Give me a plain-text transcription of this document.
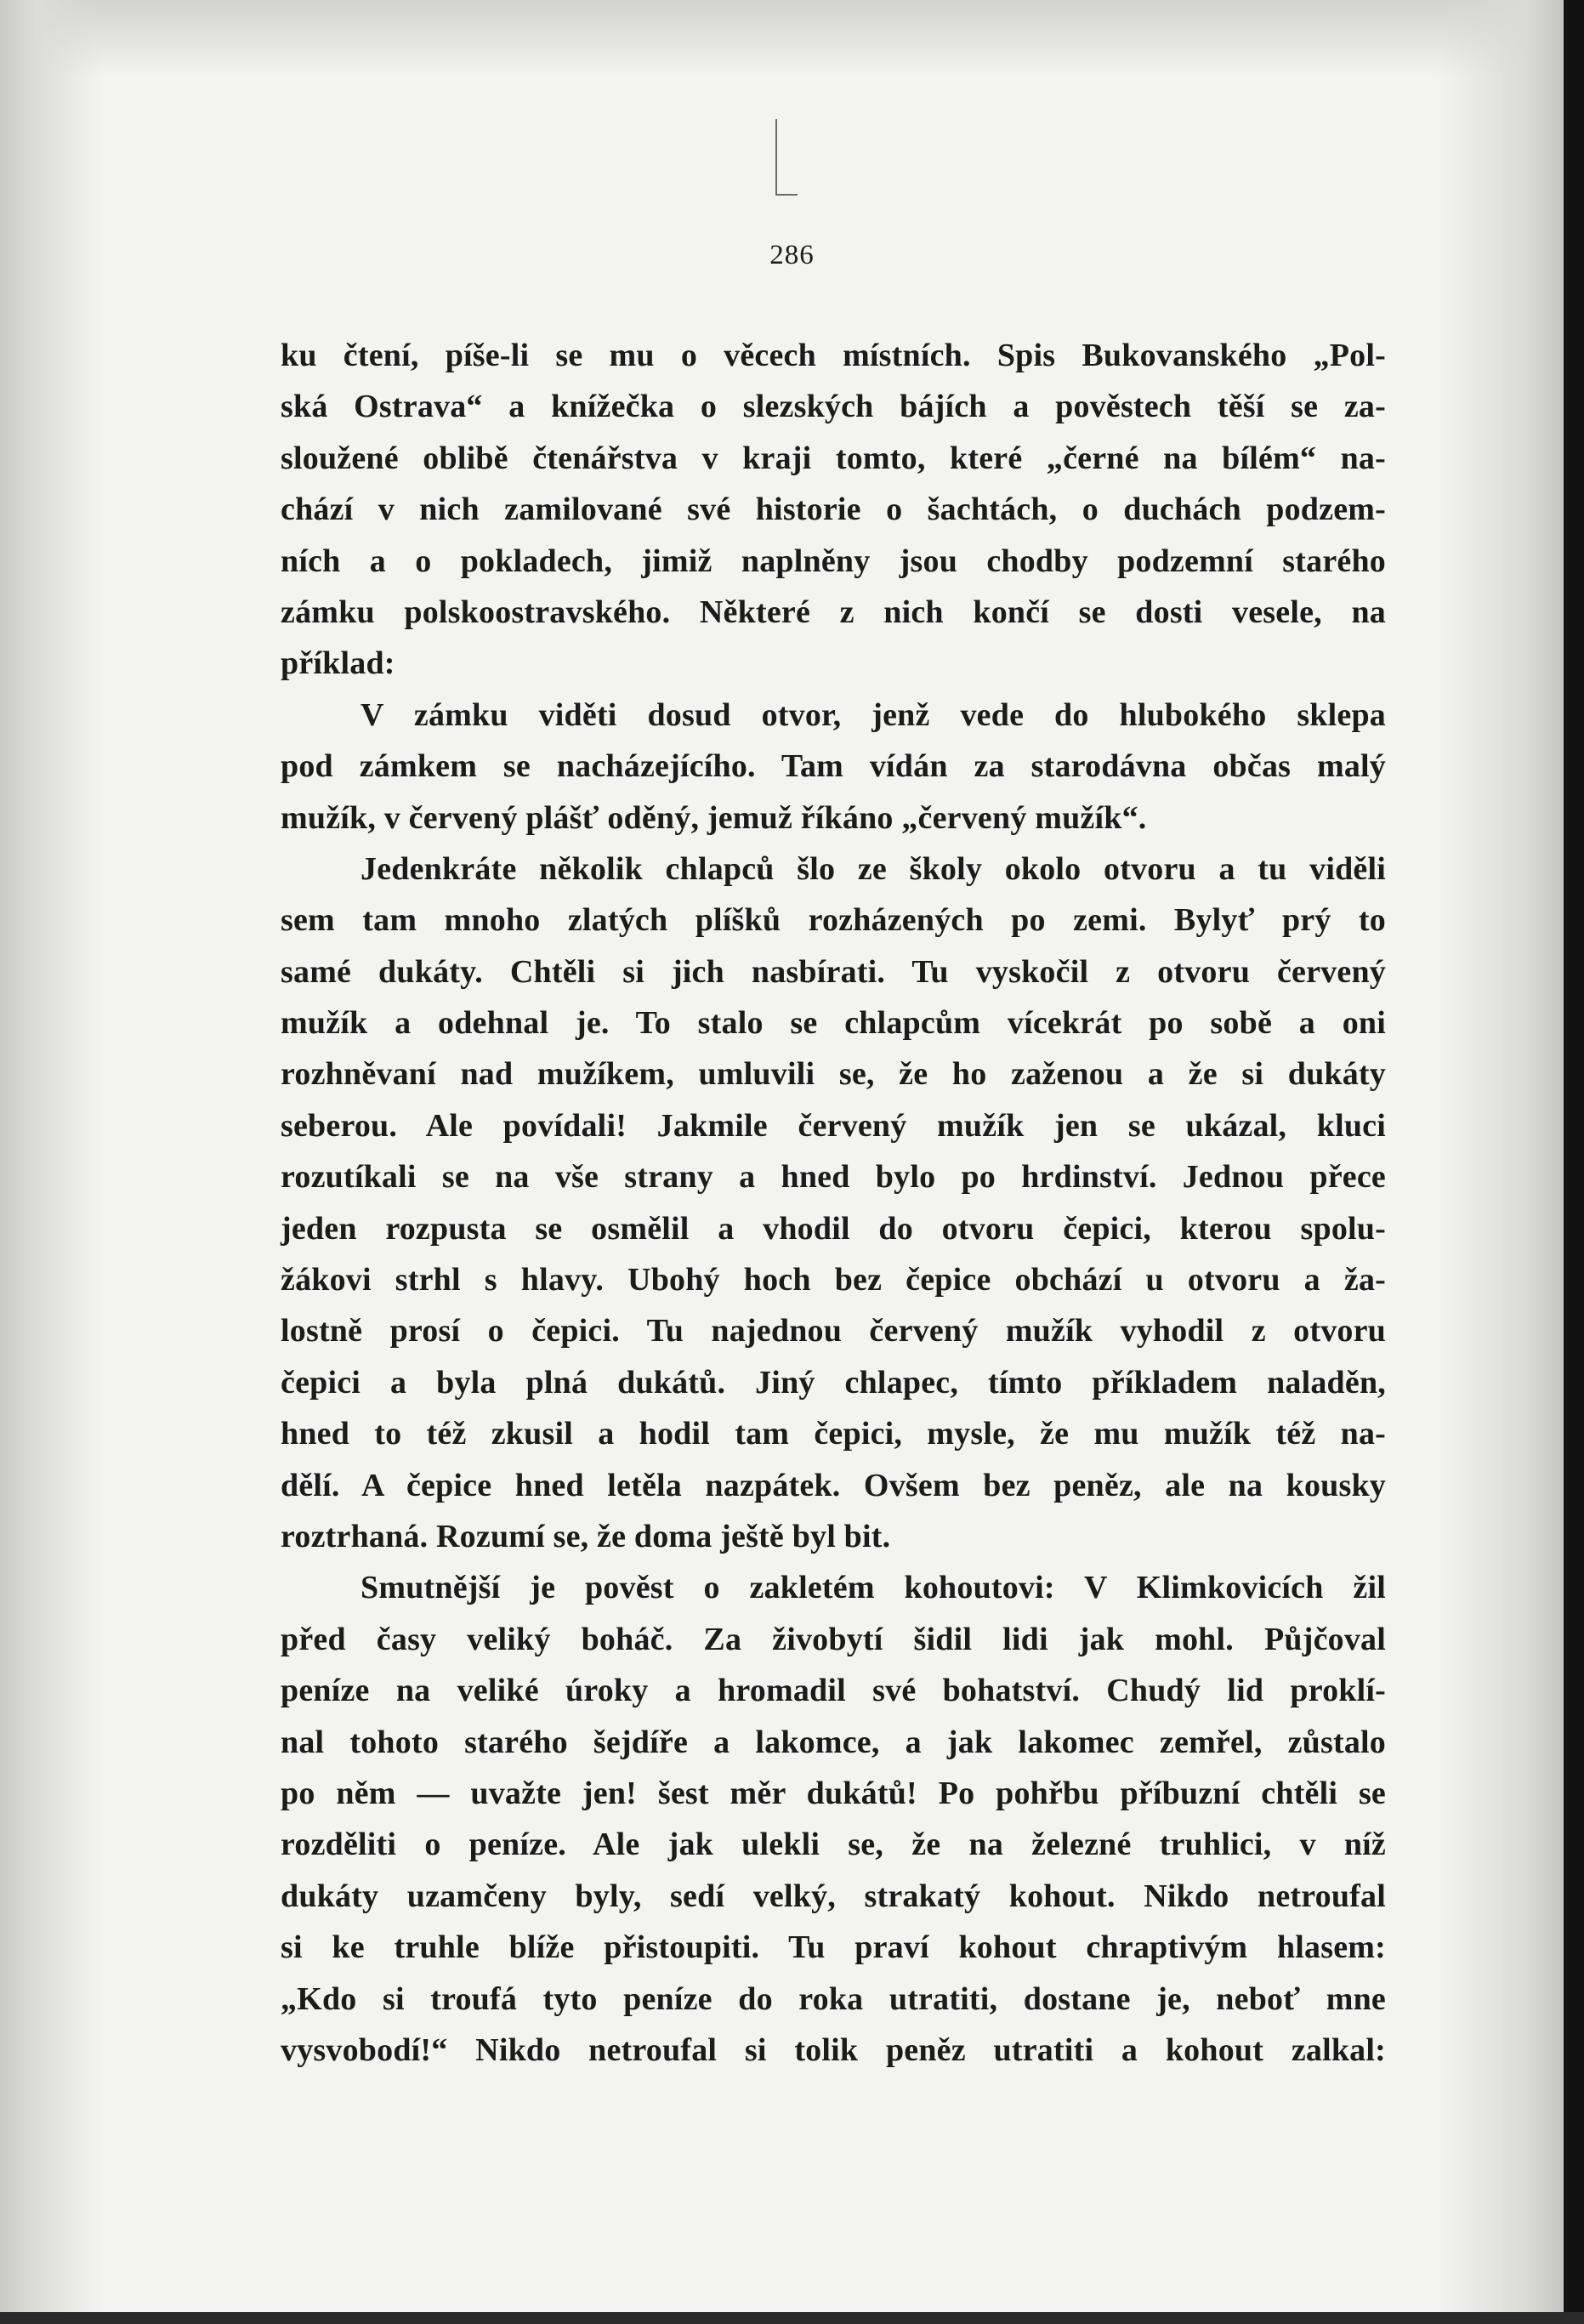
286
ku čtení, píše-li se mu o věcech místních. Spis Bukovanského „Pol-
ská Ostrava“ a knížečka o slezských bájích a pověstech těší se za-
sloužené oblibě čtenářstva v kraji tomto, které „černé na bílém“ na-
chází v nich zamilované své historie o šachtách, o duchách podzem-
ních a o pokladech, jimiž naplněny jsou chodby podzemní starého
zámku polskoostravského. Některé z nich končí se dosti vesele, na
příklad:
V zámku viděti dosud otvor, jenž vede do hlubokého sklepa
pod zámkem se nacházejícího. Tam vídán za starodávna občas malý
mužík, v červený plášť oděný, jemuž říkáno „červený mužík“.
Jedenkráte několik chlapců šlo ze školy okolo otvoru a tu viděli
sem tam mnoho zlatých plíšků rozházených po zemi. Bylyť prý to
samé dukáty. Chtěli si jich nasbírati. Tu vyskočil z otvoru červený
mužík a odehnal je. To stalo se chlapcům vícekrát po sobě a oni
rozhněvaní nad mužíkem, umluvili se, že ho zaženou a že si dukáty
seberou. Ale povídali! Jakmile červený mužík jen se ukázal, kluci
rozutíkali se na vše strany a hned bylo po hrdinství. Jednou přece
jeden rozpusta se osmělil a vhodil do otvoru čepici, kterou spolu-
žákovi strhl s hlavy. Ubohý hoch bez čepice obchází u otvoru a ža-
lostně prosí o čepici. Tu najednou červený mužík vyhodil z otvoru
čepici a byla plná dukátů. Jiný chlapec, tímto příkladem naladěn,
hned to též zkusil a hodil tam čepici, mysle, že mu mužík též na-
dělí. A čepice hned letěla nazpátek. Ovšem bez peněz, ale na kousky
roztrhaná. Rozumí se, že doma ještě byl bit.
Smutnější je pověst o zakletém kohoutovi: V Klimkovicích žil
před časy veliký boháč. Za živobytí šidil lidi jak mohl. Půjčoval
peníze na veliké úroky a hromadil své bohatství. Chudý lid proklí-
nal tohoto starého šejdíře a lakomce, a jak lakomec zemřel, zůstalo
po něm — uvažte jen! šest měr dukátů! Po pohřbu příbuzní chtěli se
rozděliti o peníze. Ale jak ulekli se, že na železné truhlici, v níž
dukáty uzamčeny byly, sedí velký, strakatý kohout. Nikdo netroufal
si ke truhle blíže přistoupiti. Tu praví kohout chraptivým hlasem:
„Kdo si troufá tyto peníze do roka utratiti, dostane je, neboť mne
vysvobodí!“ Nikdo netroufal si tolik peněz utratiti a kohout zalkal:
